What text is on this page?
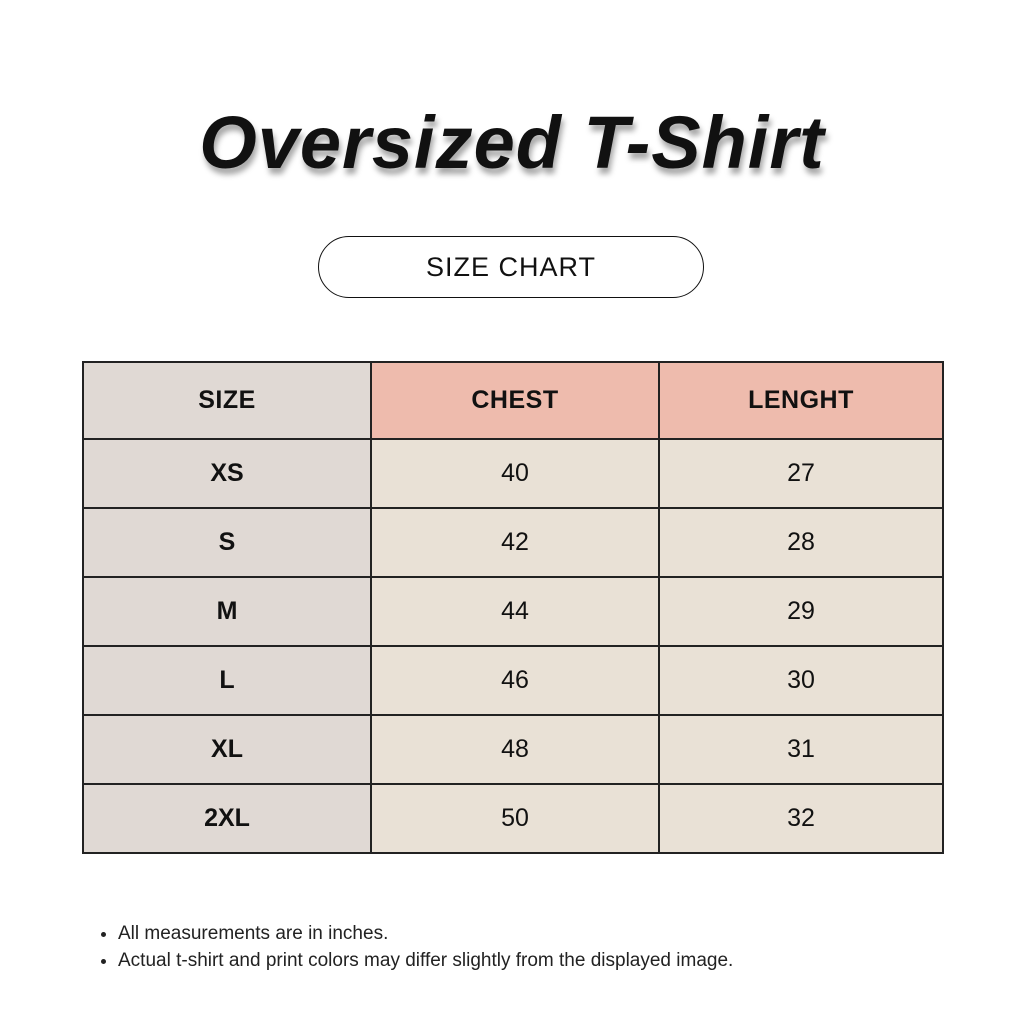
Oversized T-Shirt
SIZE CHART
SIZE	CHEST	LENGHT
XS	40	27
S	42	28
M	44	29
L	46	30
XL	48	31
2XL	50	32
• All measurements are in inches.
• Actual t-shirt and print colors may differ slightly from the displayed image.
